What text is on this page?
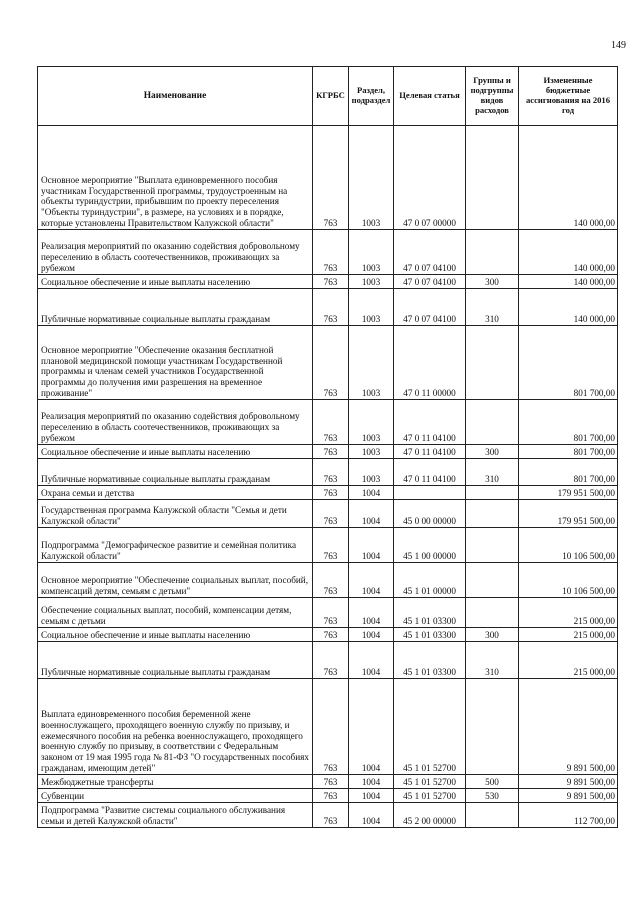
149
Наименование	КГРБС	Раздел, подраздел	Целевая статья	Группы и подгруппы видов расходов	Измененные бюджетные ассигнования на 2016 год
Основное мероприятие "Выплата единовременного пособия участникам Государственной программы, трудоустроенным на объекты туриндустрии, прибывшим по проекту переселения "Объекты туриндустрии", в размере, на условиях и в порядке, которые установлены Правительством Калужской области"	763	1003	47 0 07 00000		140 000,00
Реализация мероприятий по оказанию содействия добровольному переселению в область соотечественников, проживающих за рубежом	763	1003	47 0 07 04100		140 000,00
Социальное обеспечение и иные выплаты населению	763	1003	47 0 07 04100	300	140 000,00
Публичные нормативные социальные выплаты гражданам	763	1003	47 0 07 04100	310	140 000,00
Основное мероприятие "Обеспечение оказания бесплатной плановой медицинской помощи участникам Государственной программы и членам семей участников Государственной программы до получения ими разрешения на временное проживание"	763	1003	47 0 11 00000		801 700,00
Реализация мероприятий по оказанию содействия добровольному переселению в область соотечественников, проживающих за рубежом	763	1003	47 0 11 04100		801 700,00
Социальное обеспечение и иные выплаты населению	763	1003	47 0 11 04100	300	801 700,00
Публичные нормативные социальные выплаты гражданам	763	1003	47 0 11 04100	310	801 700,00
Охрана семьи и детства	763	1004			179 951 500,00
Государственная программа Калужской области "Семья и дети Калужской области"	763	1004	45 0 00 00000		179 951 500,00
Подпрограмма "Демографическое развитие и семейная политика Калужской области"	763	1004	45 1 00 00000		10 106 500,00
Основное мероприятие "Обеспечение социальных выплат, пособий, компенсаций детям, семьям с детьми"	763	1004	45 1 01 00000		10 106 500,00
Обеспечение социальных выплат, пособий, компенсации детям, семьям с детьми	763	1004	45 1 01 03300		215 000,00
Социальное обеспечение и иные выплаты населению	763	1004	45 1 01 03300	300	215 000,00
Публичные нормативные социальные выплаты гражданам	763	1004	45 1 01 03300	310	215 000,00
Выплата единовременного пособия беременной жене военнослужащего, проходящего военную службу по призыву, и ежемесячного пособия на ребенка военнослужащего, проходящего военную службу по призыву, в соответствии с Федеральным законом от 19 мая 1995 года № 81-ФЗ "О государственных пособиях гражданам, имеющим детей"	763	1004	45 1 01 52700		9 891 500,00
Межбюджетные трансферты	763	1004	45 1 01 52700	500	9 891 500,00
Субвенции	763	1004	45 1 01 52700	530	9 891 500,00
Подпрограмма "Развитие системы социального обслуживания семьи и детей Калужской области"	763	1004	45 2 00 00000		112 700,00
